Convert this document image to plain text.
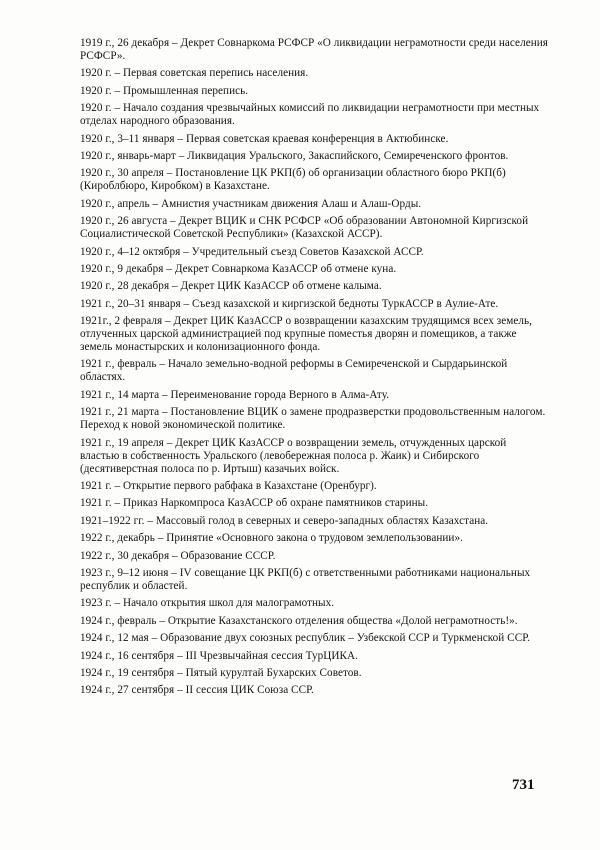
1919 г., 26 декабря – Декрет Совнаркома РСФСР «О ликвидации неграмотности среди населения РСФСР».

1920 г. – Первая советская перепись населения.

1920 г. – Промышленная перепись.

1920 г. – Начало создания чрезвычайных комиссий по ликвидации неграмотности при местных отделах народного образования.

1920 г., 3–11 января – Первая советская краевая конференция в Актюбинске.

1920 г., январь-март – Ликвидация Уральского, Закаспийского, Семиреченского фронтов.

1920 г., 30 апреля – Постановление ЦК РКП(б) об организации областного бюро РКП(б) (Кироблбюро, Киробком) в Казахстане.

1920 г., апрель – Амнистия участникам движения Алаш и Алаш-Орды.

1920 г., 26 августа – Декрет ВЦИК и СНК РСФСР «Об образовании Автономной Киргизской Социалистической Советской Республики» (Казахской АССР).

1920 г., 4–12 октября – Учредительный съезд Советов Казахской АССР.

1920 г., 9 декабря – Декрет Совнаркома КазАССР об отмене куна.

1920 г., 28 декабря – Декрет ЦИК КазАССР об отмене калыма.

1921 г., 20–31 января – Съезд казахской и киргизской бедноты ТуркАССР в Аулие-Ате.

1921г., 2 февраля – Декрет ЦИК КазАССР о возвращении казахским трудящимся всех земель, отлученных царской администрацией под крупные поместья дворян и помещиков, а также земель монастырских и колонизационного фонда.

1921 г., февраль – Начало земельно-водной реформы в Семиреченской и Сырдарьинской областях.

1921 г., 14 марта – Переименование города Верного в Алма-Ату.

1921 г., 21 марта – Постановление ВЦИК о замене продразверстки продовольственным налогом. Переход к новой экономической политике.

1921 г., 19 апреля – Декрет ЦИК КазАССР о возвращении земель, отчужденных царской властью в собственность Уральского (левобережная полоса р. Жаик) и Сибирского (десятиверстная полоса по р. Иртыш) казачьих войск.

1921 г. – Открытие первого рабфака в Казахстане (Оренбург).

1921 г. – Приказ Наркомпроса КазАССР об охране памятников старины.

1921–1922 гг. – Массовый голод в северных и северо-западных областях Казахстана.

1922 г., декабрь – Принятие «Основного закона о трудовом землепользовании».

1922 г., 30 декабря – Образование СССР.

1923 г., 9–12 июня – IV совещание ЦК РКП(б) с ответственными работниками национальных республик и областей.

1923 г. – Начало открытия школ для малограмотных.

1924 г., февраль – Открытие Казахстанского отделения общества «Долой неграмотность!».

1924 г., 12 мая – Образование двух союзных республик – Узбекской ССР и Туркменской ССР.

1924 г., 16 сентября – III Чрезвычайная сессия ТурЦИКА.

1924 г., 19 сентября – Пятый курултай Бухарских Советов.

1924 г., 27 сентября – II сессия ЦИК Союза ССР.

731
